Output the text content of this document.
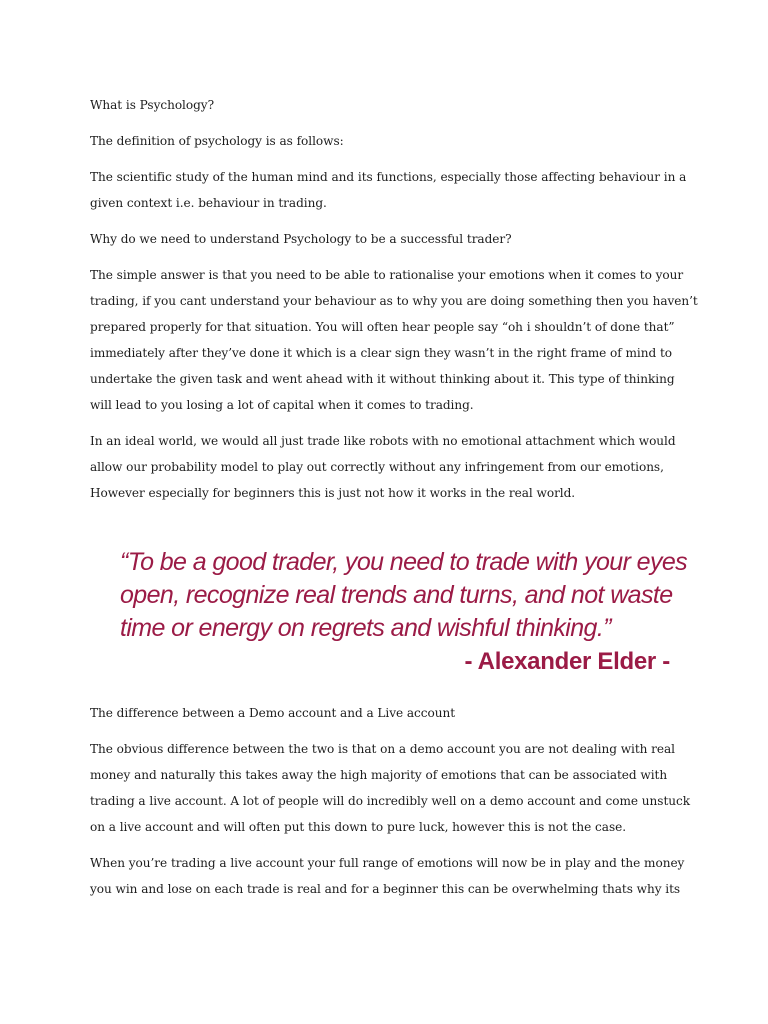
What is Psychology?

The definition of psychology is as follows:

The scientific study of the human mind and its functions, especially those affecting behaviour in a
given context i.e. behaviour in trading.

Why do we need to understand Psychology to be a successful trader?

The simple answer is that you need to be able to rationalise your emotions when it comes to your
trading, if you cant understand your behaviour as to why you are doing something then you haven’t
prepared properly for that situation. You will often hear people say “oh i shouldn’t of done that”
immediately after they’ve done it which is a clear sign they wasn’t in the right frame of mind to
undertake the given task and went ahead with it without thinking about it. This type of thinking
will lead to you losing a lot of capital when it comes to trading.

In an ideal world, we would all just trade like robots with no emotional attachment which would
allow our probability model to play out correctly without any infringement from our emotions,
However especially for beginners this is just not how it works in the real world.

“To be a good trader, you need to trade with your eyes
open, recognize real trends and turns, and not waste
time or energy on regrets and wishful thinking.”

- Alexander Elder -

The difference between a Demo account and a Live account

The obvious difference between the two is that on a demo account you are not dealing with real
money and naturally this takes away the high majority of emotions that can be associated with
trading a live account. A lot of people will do incredibly well on a demo account and come unstuck
on a live account and will often put this down to pure luck, however this is not the case.

When you’re trading a live account your full range of emotions will now be in play and the money
you win and lose on each trade is real and for a beginner this can be overwhelming thats why its
